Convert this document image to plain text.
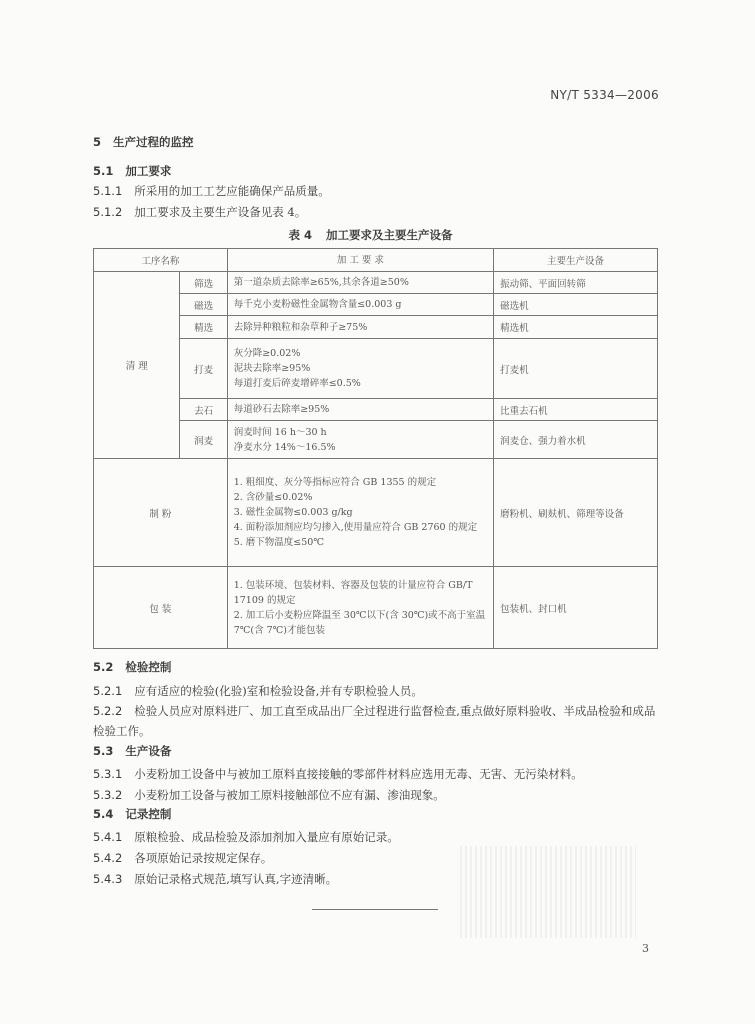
NY/T 5334—2006
5 生产过程的监控
5.1 加工要求
5.1.1 所采用的加工工艺应能确保产品质量。
5.1.2 加工要求及主要生产设备见表 4。
表 4 加工要求及主要生产设备
工序名称		加 工 要 求	主要生产设备
清 理	筛选	第一道杂质去除率≥65%,其余各道≥50%	振动筛、平面回转筛
	磁选	每千克小麦粉磁性金属物含量≤0.003 g	磁选机
	精选	去除异种粮粒和杂草种子≥75%	精选机
	打麦	灰分降≥0.02%
泥块去除率≥95%
每道打麦后碎麦增碎率≤0.5%	打麦机
	去石	每道砂石去除率≥95%	比重去石机
	润麦	润麦时间 16 h～30 h
净麦水分 14%～16.5%	润麦仓、强力着水机
制 粉		1. 粗细度、灰分等指标应符合 GB 1355 的规定
2. 含砂量≤0.02%
3. 磁性金属物≤0.003 g/kg
4. 面粉添加剂应均匀掺入,使用量应符合 GB 2760 的规定
5. 磨下物温度≤50℃	磨粉机、刷麸机、筛理等设备
包 装		1. 包装环境、包装材料、容器及包装的计量应符合 GB/T 17109 的规定
2. 加工后小麦粉应降温至 30℃以下(含 30℃)或不高于室温 7℃(含 7℃)才能包装	包装机、封口机
5.2 检验控制
5.2.1 应有适应的检验(化验)室和检验设备,并有专职检验人员。
5.2.2 检验人员应对原料进厂、加工直至成品出厂全过程进行监督检查,重点做好原料验收、半成品检验和成品检验工作。
5.3 生产设备
5.3.1 小麦粉加工设备中与被加工原料直接接触的零部件材料应选用无毒、无害、无污染材料。
5.3.2 小麦粉加工设备与被加工原料接触部位不应有漏、渗油现象。
5.4 记录控制
5.4.1 原粮检验、成品检验及添加剂加入量应有原始记录。
5.4.2 各项原始记录按规定保存。
5.4.3 原始记录格式规范,填写认真,字迹清晰。
3
